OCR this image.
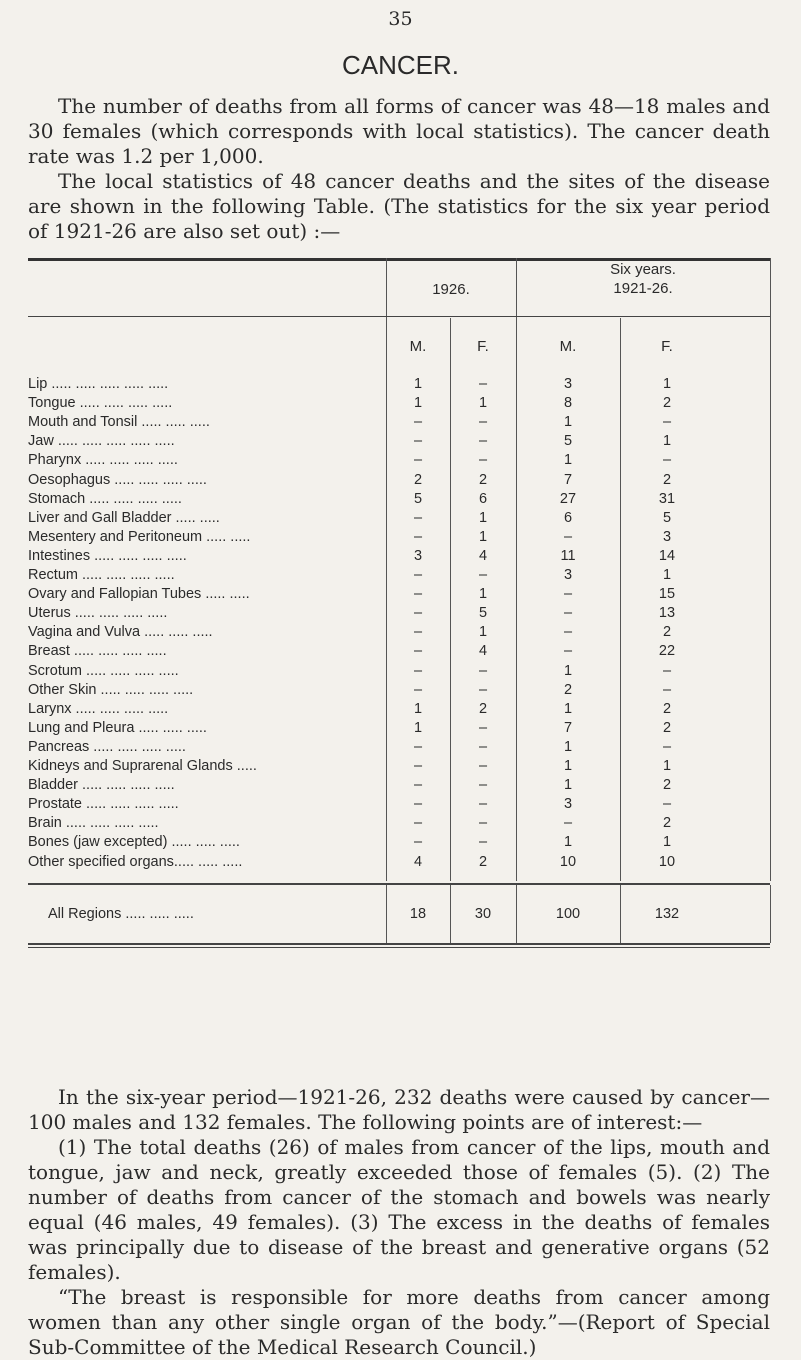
35
CANCER.

The number of deaths from all forms of cancer was 48—18 males and 30 females (which corresponds with local statistics). The cancer death rate was 1.2 per 1,000.

The local statistics of 48 cancer deaths and the sites of the disease are shown in the following Table. (The statistics for the six year period of 1921-26 are also set out) :—

1926.
Six years.
1921-26.
M.	F.	M.	F.
Lip ..... ..... ..... ..... .....	1	–	3	1
Tongue ..... ..... ..... .....	1	1	8	2
Mouth and Tonsil ..... ..... .....	–	–	1	–
Jaw ..... ..... ..... ..... .....	–	–	5	1
Pharynx ..... ..... ..... .....	–	–	1	–
Oesophagus ..... ..... ..... .....	2	2	7	2
Stomach ..... ..... ..... .....	5	6	27	31
Liver and Gall Bladder ..... .....	–	1	6	5
Mesentery and Peritoneum ..... .....	–	1	–	3
Intestines ..... ..... ..... .....	3	4	11	14
Rectum ..... ..... ..... .....	–	–	3	1
Ovary and Fallopian Tubes ..... .....	–	1	–	15
Uterus ..... ..... ..... .....	–	5	–	13
Vagina and Vulva ..... ..... .....	–	1	–	2
Breast ..... ..... ..... .....	–	4	–	22
Scrotum ..... ..... ..... .....	–	–	1	–
Other Skin ..... ..... ..... .....	–	–	2	–
Larynx ..... ..... ..... .....	1	2	1	2
Lung and Pleura ..... ..... .....	1	–	7	2
Pancreas ..... ..... ..... .....	–	–	1	–
Kidneys and Suprarenal Glands .....	–	–	1	1
Bladder ..... ..... ..... .....	–	–	1	2
Prostate ..... ..... ..... .....	–	–	3	–
Brain ..... ..... ..... .....	–	–	–	2
Bones (jaw excepted) ..... ..... .....	–	–	1	1
Other specified organs..... ..... .....	4	2	10	10
All Regions ..... ..... .....	18	30	100	132

In the six-year period—1921-26, 232 deaths were caused by cancer—100 males and 132 females. The following points are of interest:—

(1) The total deaths (26) of males from cancer of the lips, mouth and tongue, jaw and neck, greatly exceeded those of females (5). (2) The number of deaths from cancer of the stomach and bowels was nearly equal (46 males, 49 females). (3) The excess in the deaths of females was principally due to disease of the breast and generative organs (52 females).

“The breast is responsible for more deaths from cancer among women than any other single organ of the body.”—(Report of Special Sub-Committee of the Medical Research Council.)
